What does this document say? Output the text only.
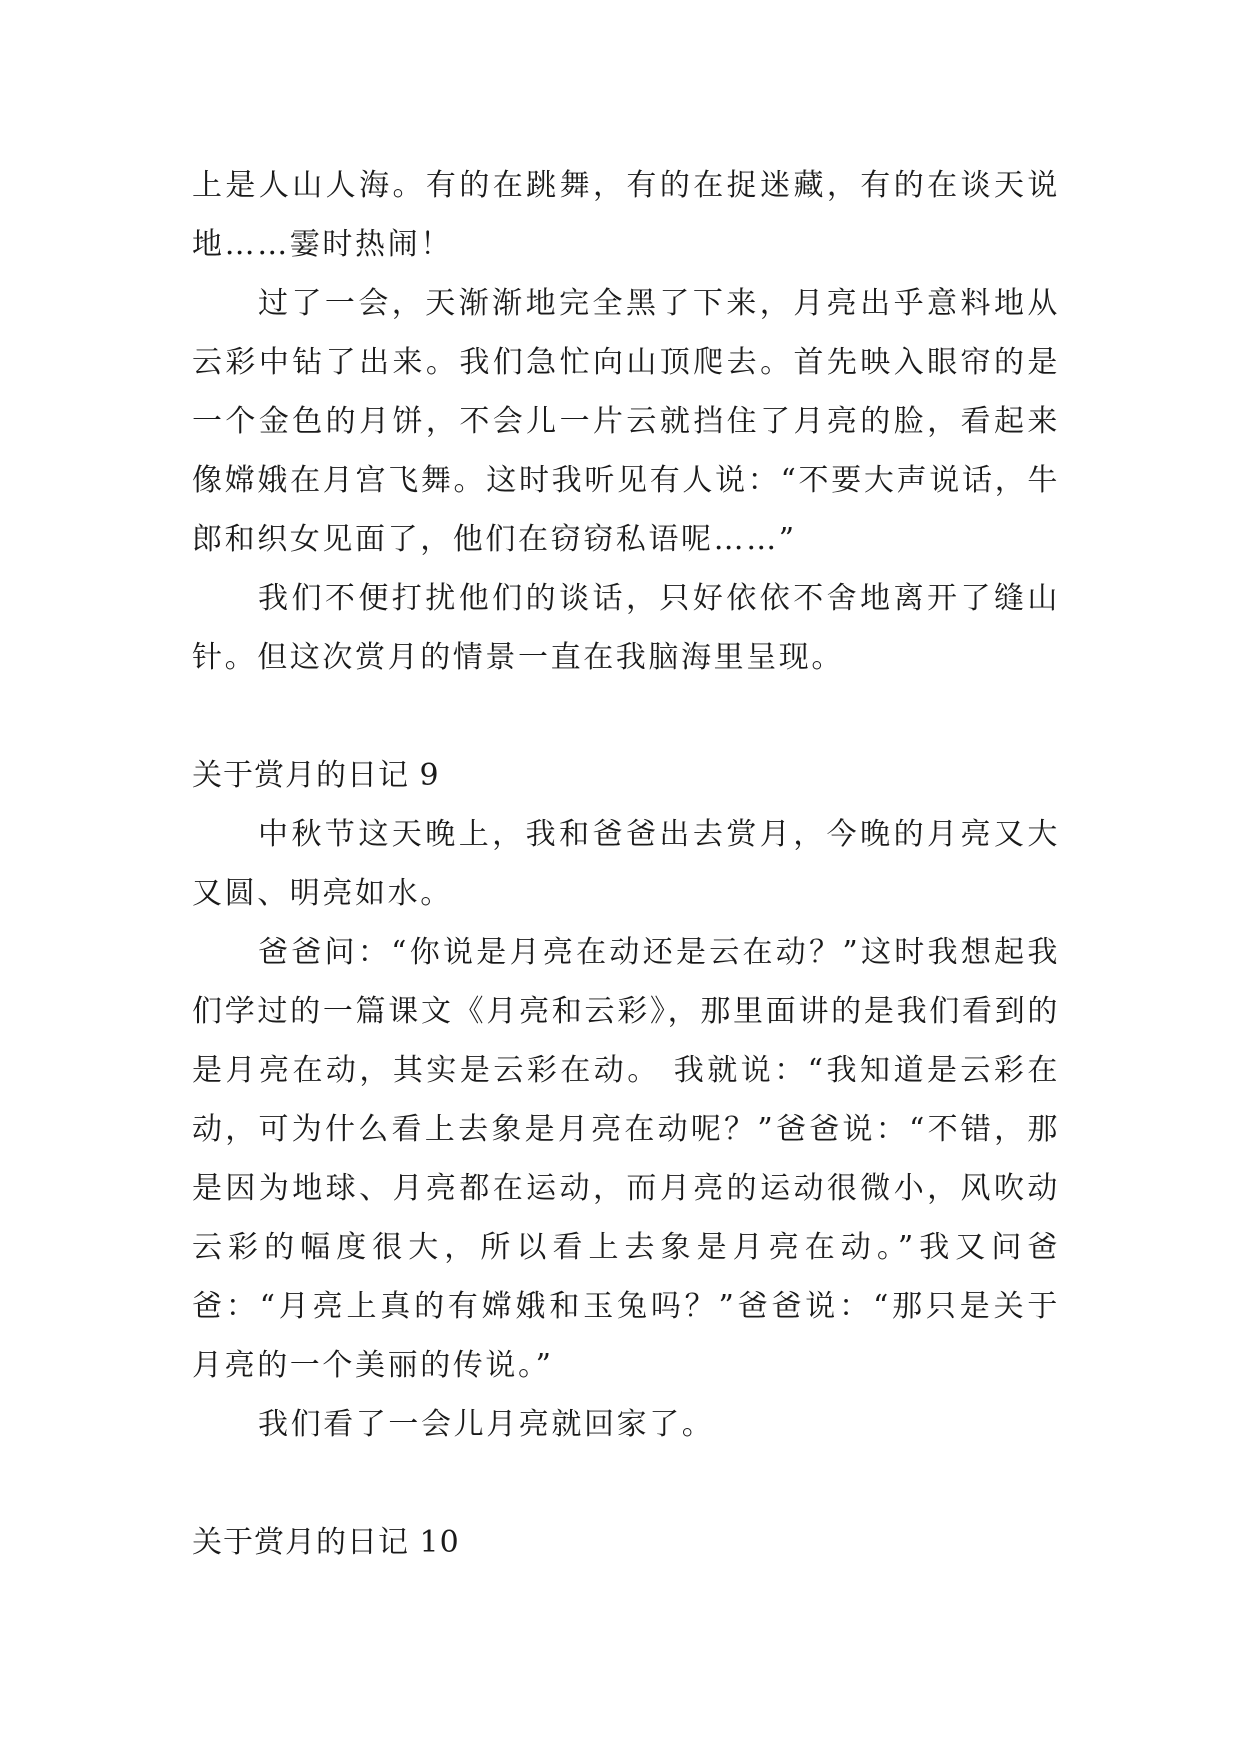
上是人山人海。有的在跳舞，有的在捉迷藏，有的在谈天说地……霎时热闹！

过了一会，天渐渐地完全黑了下来，月亮出乎意料地从云彩中钻了出来。我们急忙向山顶爬去。首先映入眼帘的是一个金色的月饼，不会儿一片云就挡住了月亮的脸，看起来像嫦娥在月宫飞舞。这时我听见有人说：“不要大声说话，牛郎和织女见面了，他们在窃窃私语呢……”

我们不便打扰他们的谈话，只好依依不舍地离开了缝山针。但这次赏月的情景一直在我脑海里呈现。

关于赏月的日记 9

中秋节这天晚上，我和爸爸出去赏月，今晚的月亮又大又圆、明亮如水。

爸爸问：“你说是月亮在动还是云在动？”这时我想起我们学过的一篇课文《月亮和云彩》，那里面讲的是我们看到的是月亮在动，其实是云彩在动。 我就说：“我知道是云彩在动，可为什么看上去象是月亮在动呢？”爸爸说：“不错，那是因为地球、月亮都在运动，而月亮的运动很微小，风吹动云彩的幅度很大，所以看上去象是月亮在动。”我又问爸爸：“月亮上真的有嫦娥和玉兔吗？”爸爸说：“那只是关于月亮的一个美丽的传说。”

我们看了一会儿月亮就回家了。

关于赏月的日记 10
